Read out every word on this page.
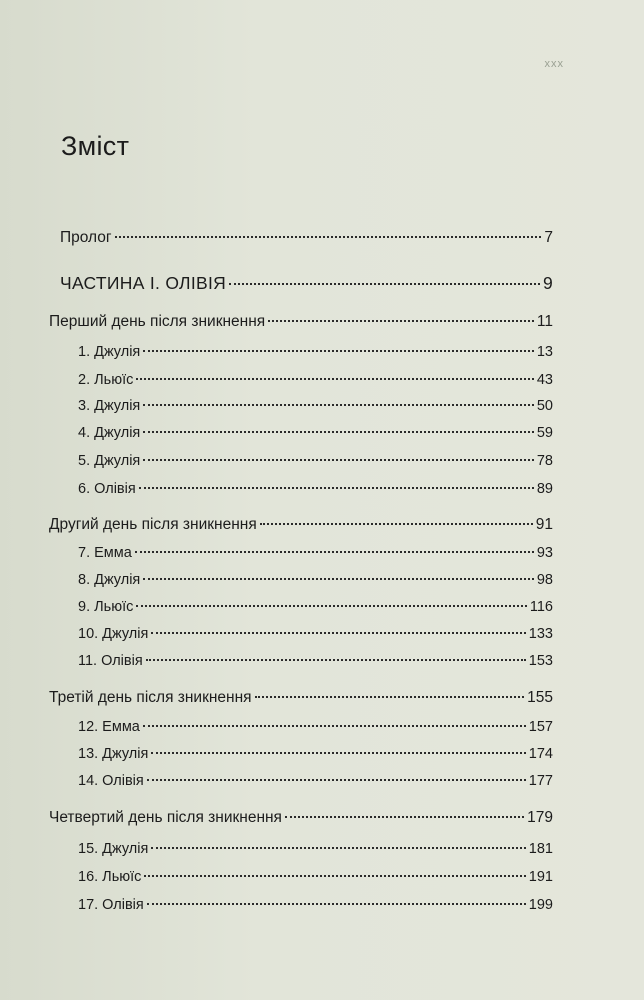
xxx
Зміст
Пролог	7
ЧАСТИНА І. ОЛІВІЯ	9
Перший день після зникнення	11
1. Джулія	13
2. Льюїс	43
3. Джулія	50
4. Джулія	59
5. Джулія	78
6. Олівія	89
Другий день після зникнення	91
7. Емма	93
8. Джулія	98
9. Льюїс	116
10. Джулія	133
11. Олівія	153
Третій день після зникнення	155
12. Емма	157
13. Джулія	174
14. Олівія	177
Четвертий день після зникнення	179
15. Джулія	181
16. Льюїс	191
17. Олівія	199
